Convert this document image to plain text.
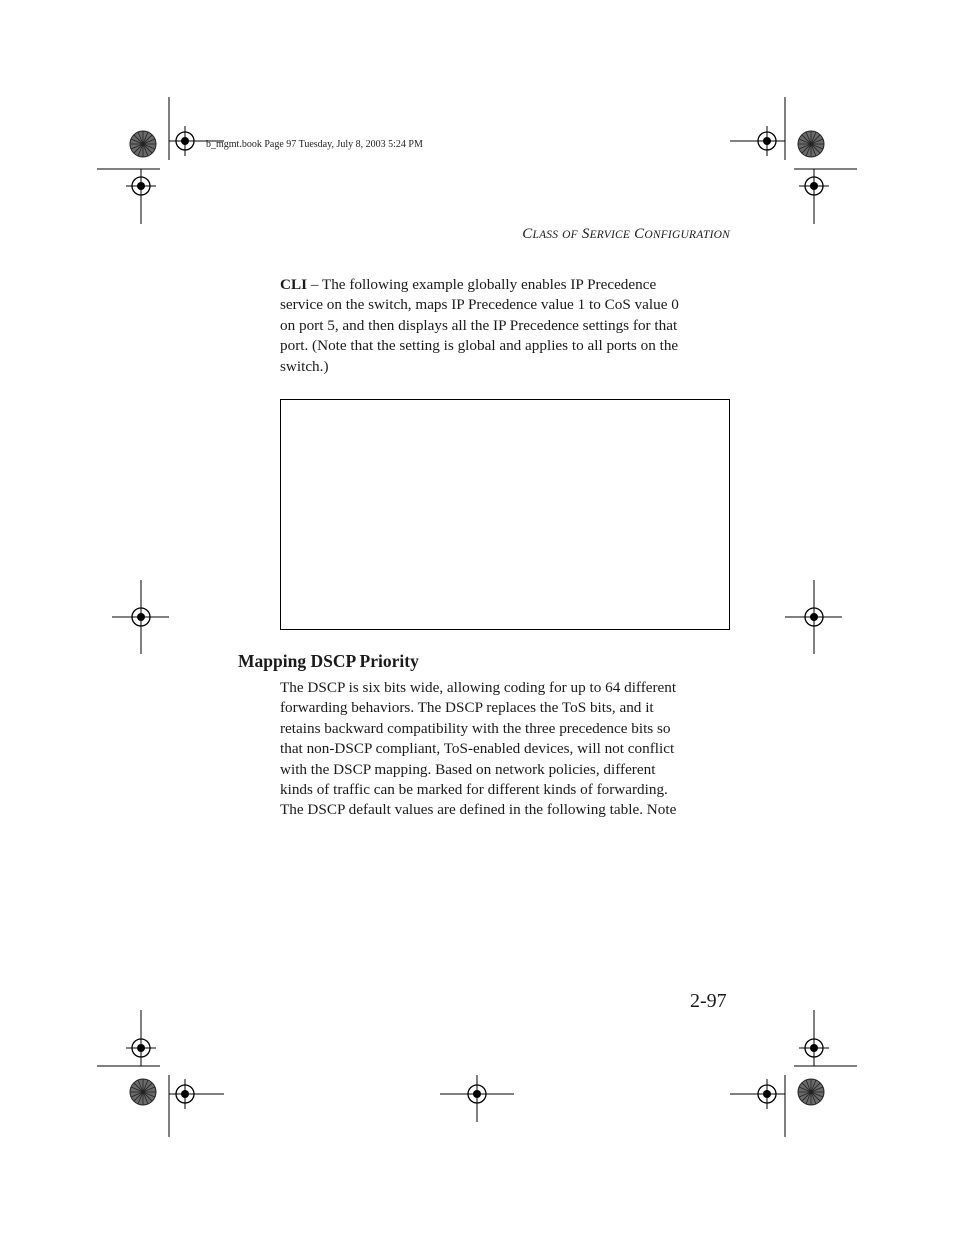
b_mgmt.book Page 97 Tuesday, July 8, 2003 5:24 PM
CLASS OF SERVICE CONFIGURATION
CLI – The following example globally enables IP Precedence
service on the switch, maps IP Precedence value 1 to CoS value 0
on port 5, and then displays all the IP Precedence settings for that
port. (Note that the setting is global and applies to all ports on the
switch.)
Mapping DSCP Priority
The DSCP is six bits wide, allowing coding for up to 64 different
forwarding behaviors. The DSCP replaces the ToS bits, and it
retains backward compatibility with the three precedence bits so
that non-DSCP compliant, ToS-enabled devices, will not conflict
with the DSCP mapping. Based on network policies, different
kinds of traffic can be marked for different kinds of forwarding.
The DSCP default values are defined in the following table. Note
2-97
